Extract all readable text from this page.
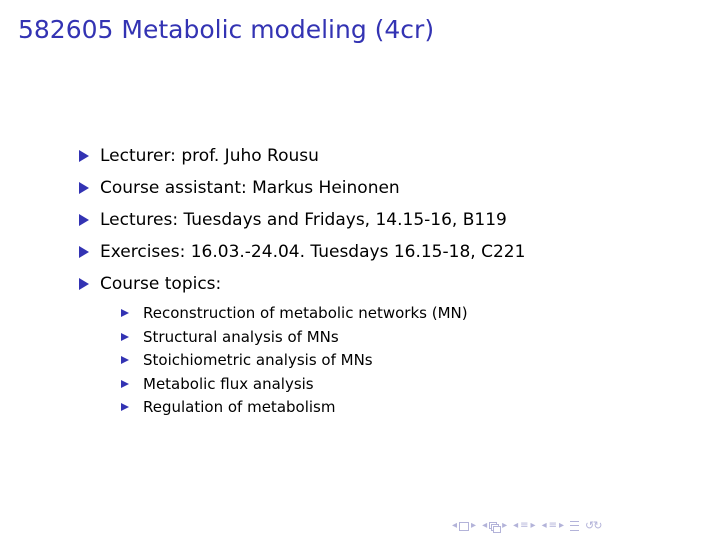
582605 Metabolic modeling (4cr)
Lecturer: prof. Juho Rousu
Course assistant: Markus Heinonen
Lectures: Tuesdays and Fridays, 14.15-16, B119
Exercises: 16.03.-24.04. Tuesdays 16.15-18, C221
Course topics:
Reconstruction of metabolic networks (MN)
Structural analysis of MNs
Stoichiometric analysis of MNs
Metabolic flux analysis
Regulation of metabolism
◂ ▸ ◂ ▸ ◂ ≡ ▸ ◂ ≡ ▸ ↺↻
